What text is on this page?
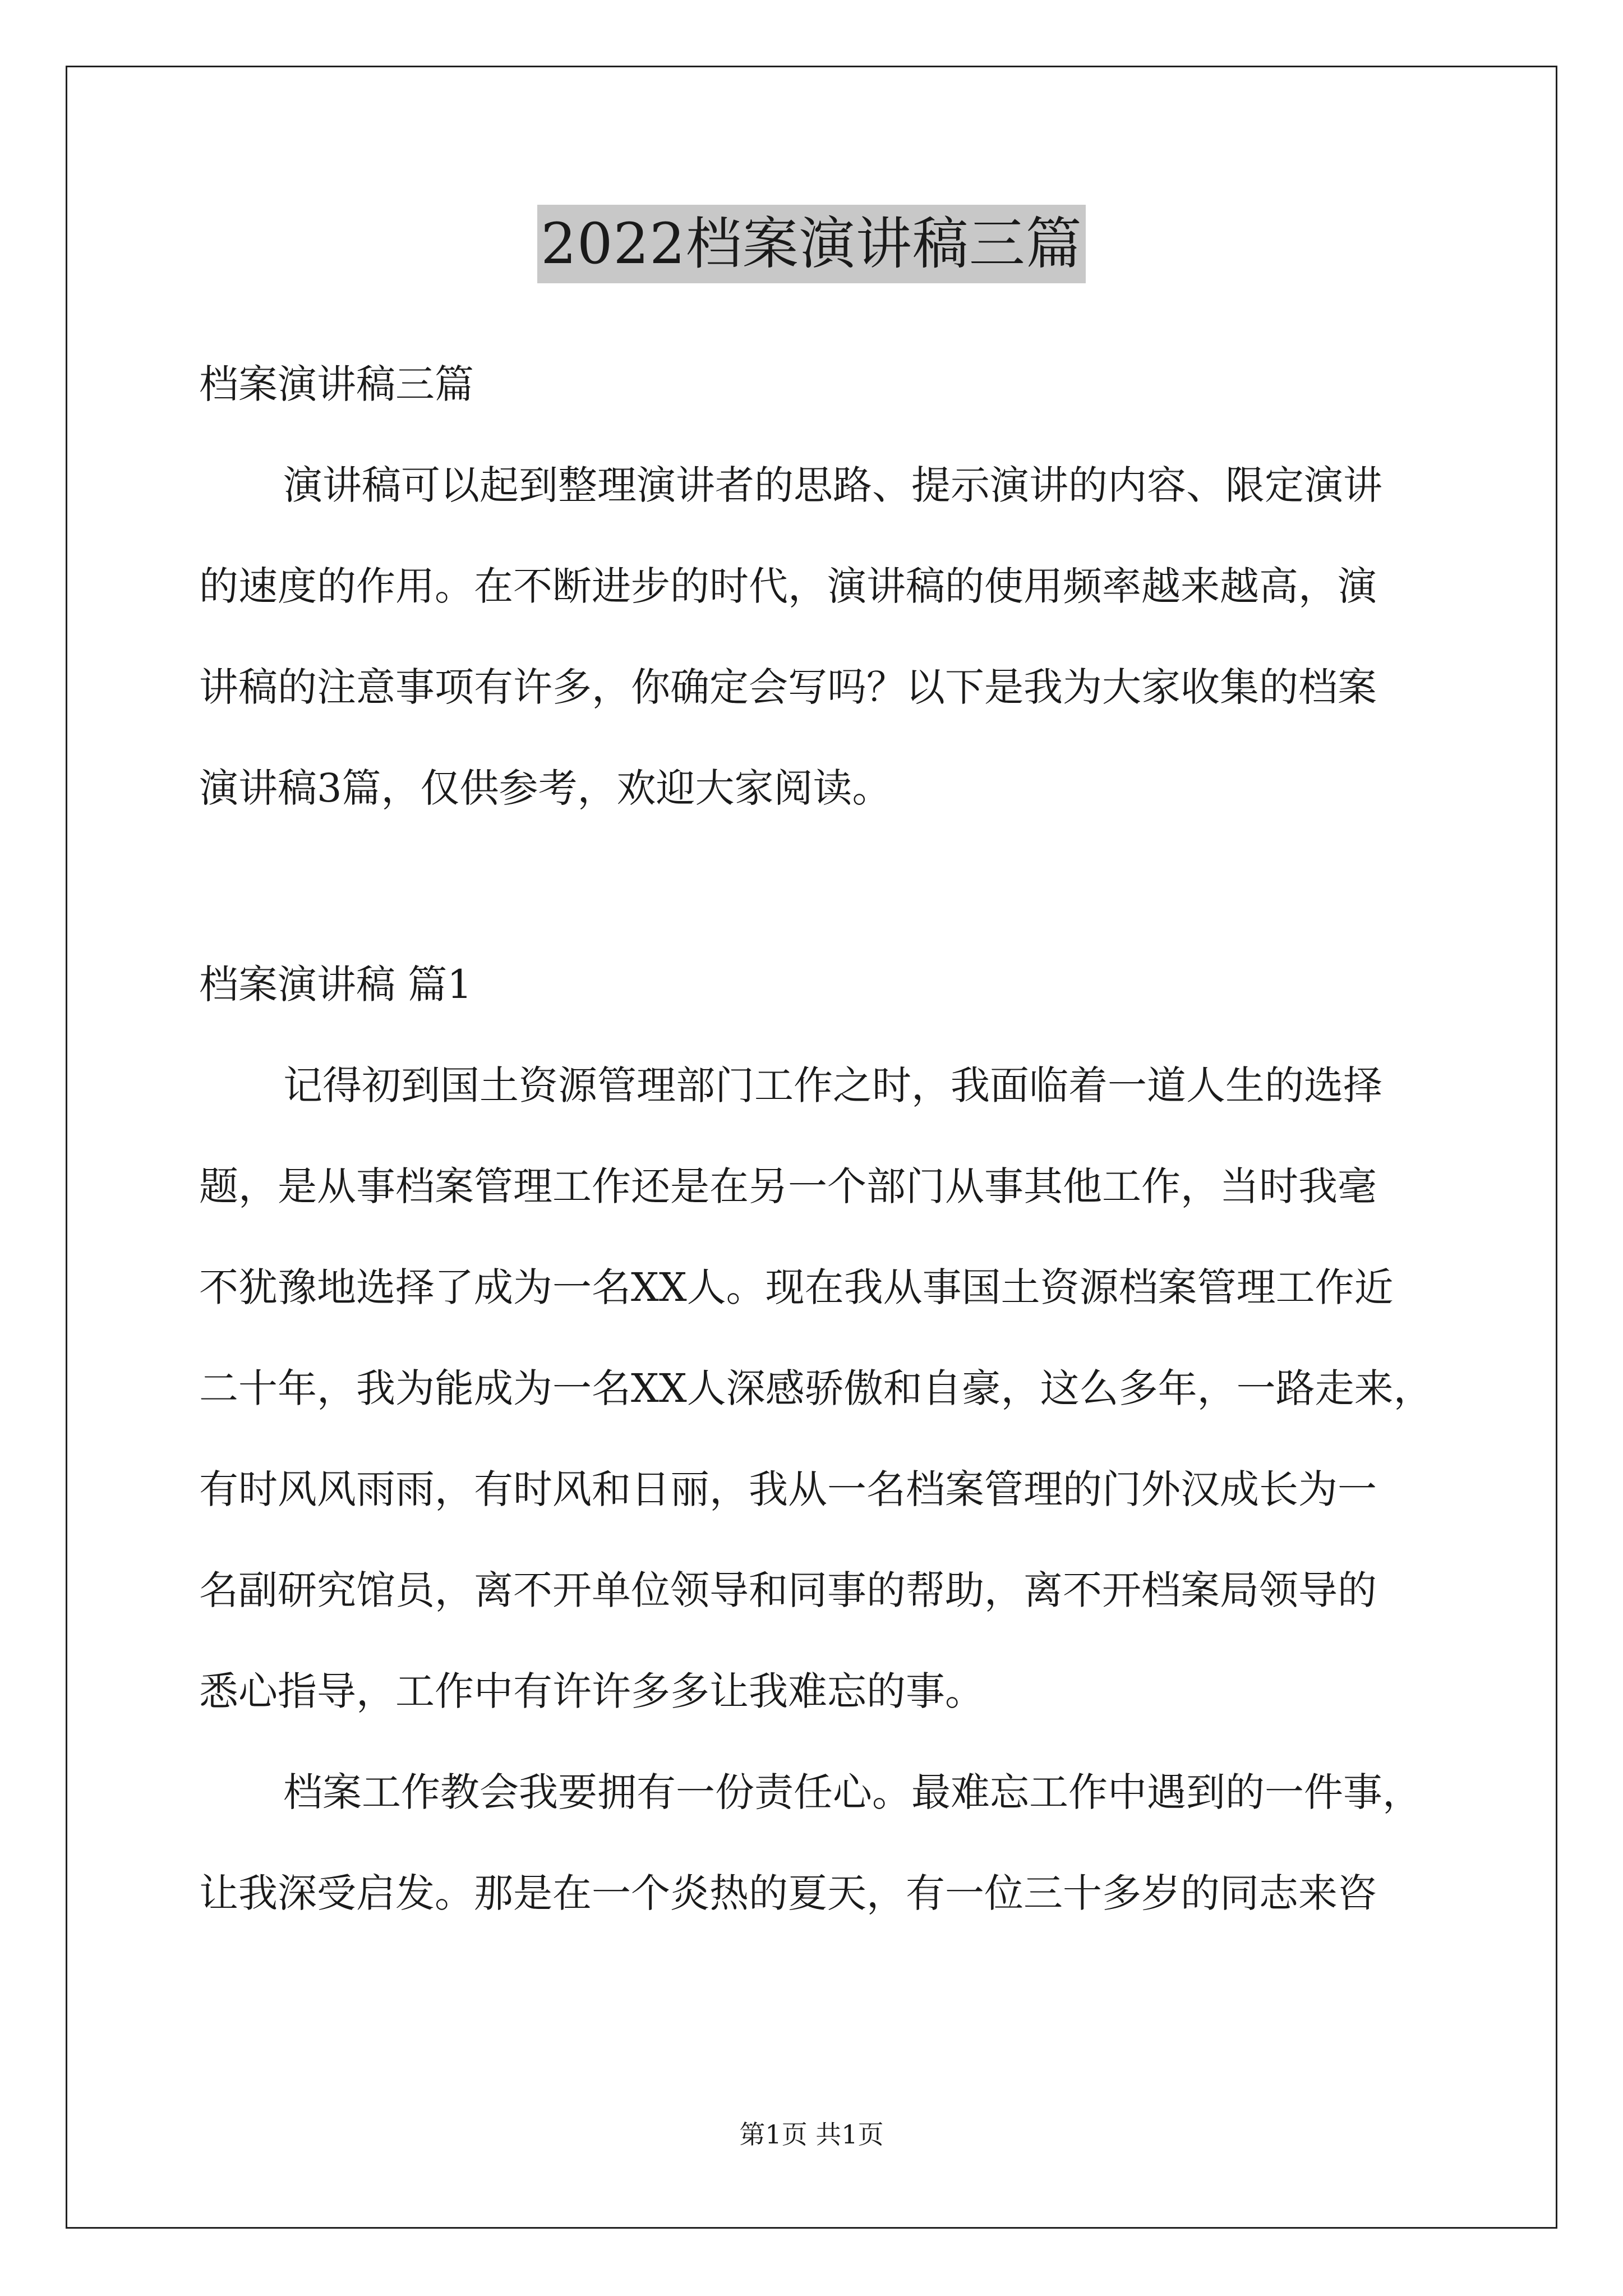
2022档案演讲稿三篇
档案演讲稿三篇
演讲稿可以起到整理演讲者的思路、提示演讲的内容、限定演讲
的速度的作用。在不断进步的时代，演讲稿的使用频率越来越高，演
讲稿的注意事项有许多，你确定会写吗？以下是我为大家收集的档案
演讲稿3篇，仅供参考，欢迎大家阅读。
档案演讲稿 篇1
记得初到国土资源管理部门工作之时，我面临着一道人生的选择
题，是从事档案管理工作还是在另一个部门从事其他工作，当时我毫
不犹豫地选择了成为一名XX人。现在我从事国土资源档案管理工作近
二十年，我为能成为一名XX人深感骄傲和自豪，这么多年，一路走来，
有时风风雨雨，有时风和日丽，我从一名档案管理的门外汉成长为一
名副研究馆员，离不开单位领导和同事的帮助，离不开档案局领导的
悉心指导，工作中有许许多多让我难忘的事。
档案工作教会我要拥有一份责任心。最难忘工作中遇到的一件事，
让我深受启发。那是在一个炎热的夏天，有一位三十多岁的同志来咨
第1页 共1页
